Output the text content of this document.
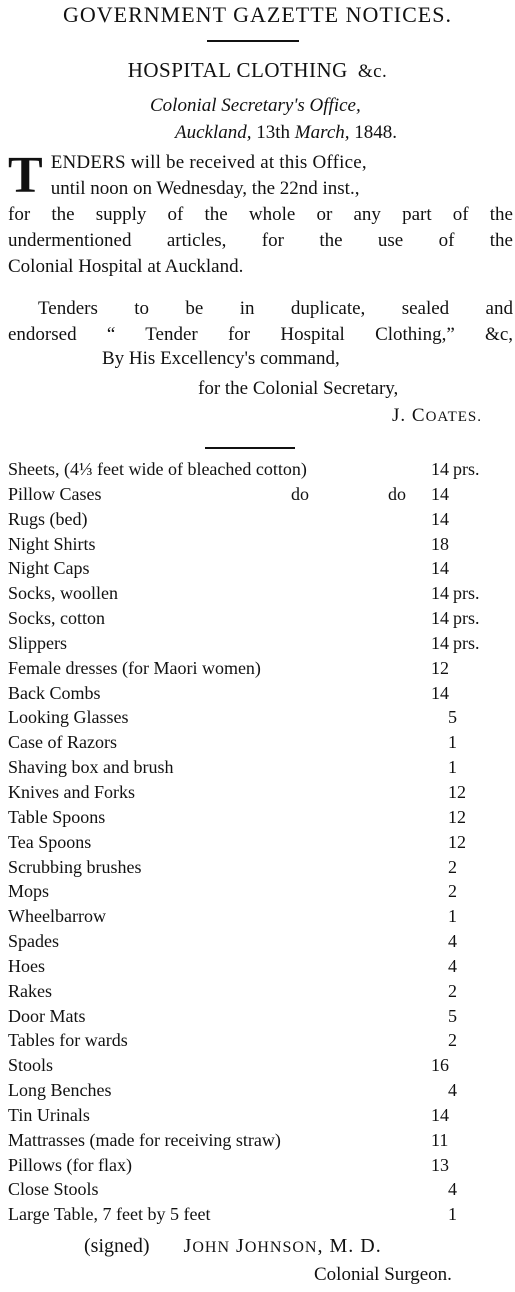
GOVERNMENT GAZETTE NOTICES.
HOSPITAL CLOTHING &c.
Colonial Secretary's Office,
Auckland, 13th March, 1848.
T ENDERS will be received at this Office,
until noon on Wednesday, the 22nd inst.,
for the supply of the whole or any part of the
undermentioned articles, for the use of the
Colonial Hospital at Auckland.
Tenders to be in duplicate, sealed and
endorsed “ Tender for Hospital Clothing,” &c,
By His Excellency's command,
for the Colonial Secretary,
J. COATES.
Sheets, (4⅓ feet wide of bleached cotton)	14 prs.
Pillow Cases	do	do 14
Rugs (bed)	14
Night Shirts	18
Night Caps	14
Socks, woollen	14 prs.
Socks, cotton	14 prs.
Slippers	14 prs.
Female dresses (for Maori women)	12
Back Combs	14
Looking Glasses	5
Case of Razors	1
Shaving box and brush	1
Knives and Forks	12
Table Spoons	12
Tea Spoons	12
Scrubbing brushes	2
Mops	2
Wheelbarrow	1
Spades	4
Hoes	4
Rakes	2
Door Mats	5
Tables for wards	2
Stools	16
Long Benches	4
Tin Urinals	14
Mattrasses (made for receiving straw)	11
Pillows (for flax)	13
Close Stools	4
Large Table, 7 feet by 5 feet	1
(signed) JOHN JOHNSON, M. D.
Colonial Surgeon.
